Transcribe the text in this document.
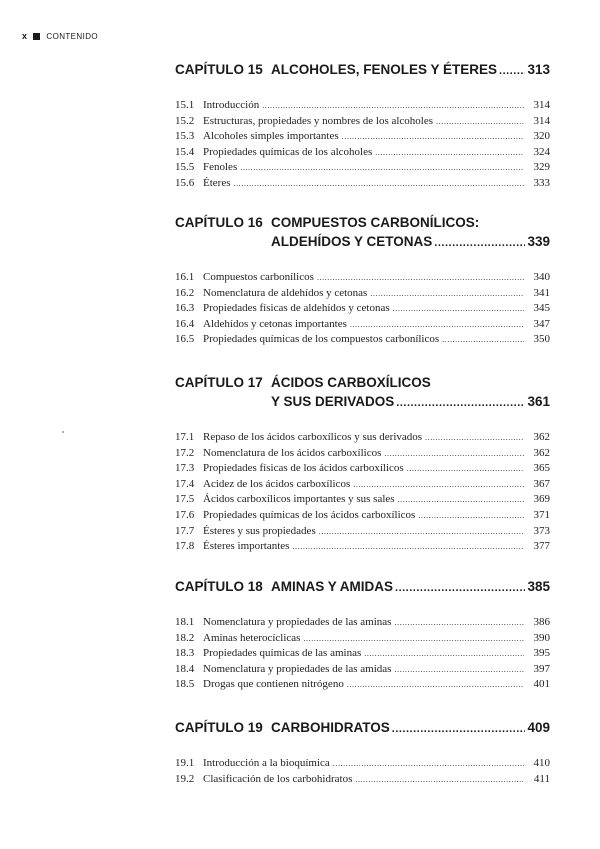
x CONTENIDO
CAPÍTULO 15 ALCOHOLES, FENOLES Y ÉTERES ..... 313
15.1 Introducción .....	314
15.2 Estructuras, propiedades y nombres de los alcoholes .....	314
15.3 Alcoholes simples importantes .....	320
15.4 Propiedades químicas de los alcoholes .....	324
15.5 Fenoles .....	329
15.6 Éteres .....	333
CAPÍTULO 16 COMPUESTOS CARBONÍLICOS:
ALDEHÍDOS Y CETONAS .....	339
16.1 Compuestos carbonílicos .....	340
16.2 Nomenclatura de aldehídos y cetonas .....	341
16.3 Propiedades físicas de aldehídos y cetonas .....	345
16.4 Aldehídos y cetonas importantes .....	347
16.5 Propiedades químicas de los compuestos carbonílicos .....	350
CAPÍTULO 17 ÁCIDOS CARBOXÍLICOS
Y SUS DERIVADOS .....	361
17.1 Repaso de los ácidos carboxílicos y sus derivados .....	362
17.2 Nomenclatura de los ácidos carboxílicos .....	362
17.3 Propiedades físicas de los ácidos carboxílicos .....	365
17.4 Acidez de los ácidos carboxílicos .....	367
17.5 Ácidos carboxílicos importantes y sus sales .....	369
17.6 Propiedades químicas de los ácidos carboxílicos .....	371
17.7 Ésteres y sus propiedades .....	373
17.8 Ésteres importantes .....	377
CAPÍTULO 18 AMINAS Y AMIDAS .....	385
18.1 Nomenclatura y propiedades de las aminas .....	386
18.2 Aminas heterocíclicas .....	390
18.3 Propiedades químicas de las aminas .....	395
18.4 Nomenclatura y propiedades de las amidas .....	397
18.5 Drogas que contienen nitrógeno .....	401
CAPÍTULO 19 CARBOHIDRATOS .....	409
19.1 Introducción a la bioquímica .....	410
19.2 Clasificación de los carbohidratos .....	411
